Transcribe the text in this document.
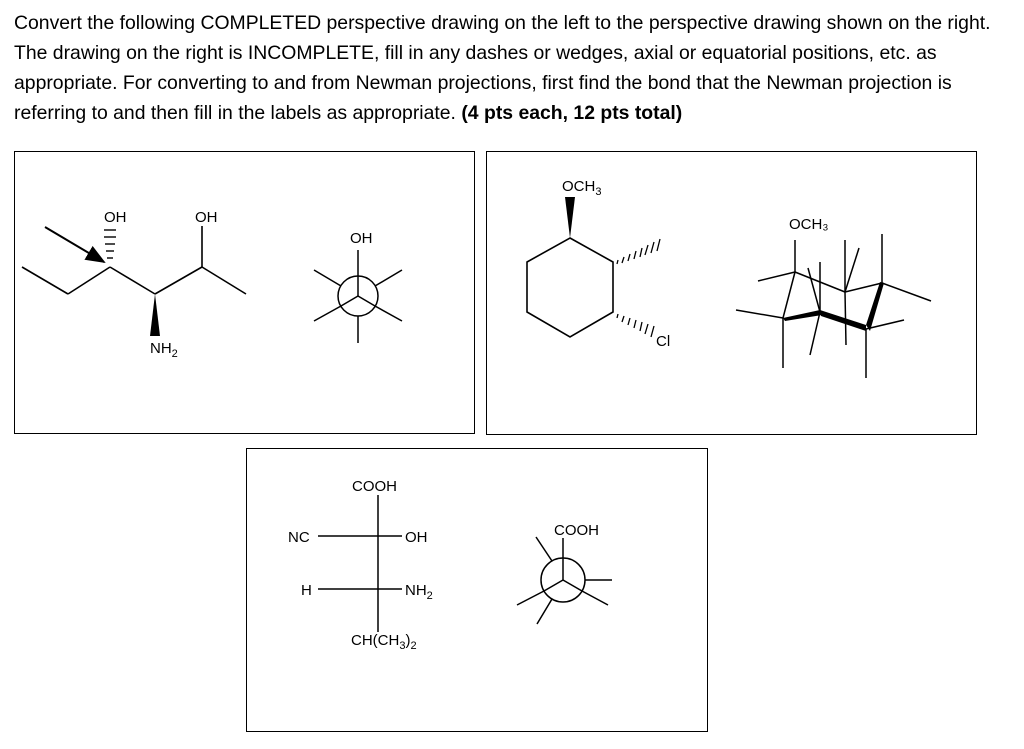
Convert the following COMPLETED perspective drawing on the left to the perspective drawing shown on the right. The drawing on the right is INCOMPLETE, fill in any dashes or wedges, axial or equatorial positions, etc. as appropriate. For converting to and from Newman projections, first find the bond that the Newman projection is referring to and then fill in the labels as appropriate. (4 pts each, 12 pts total)

OH	OH
$NH_2$
OH
$OCH_3$
Cl
OCH₃
COOH
NC	OH
H	$NH_2$
$CH(CH_3)_2$
COOH
